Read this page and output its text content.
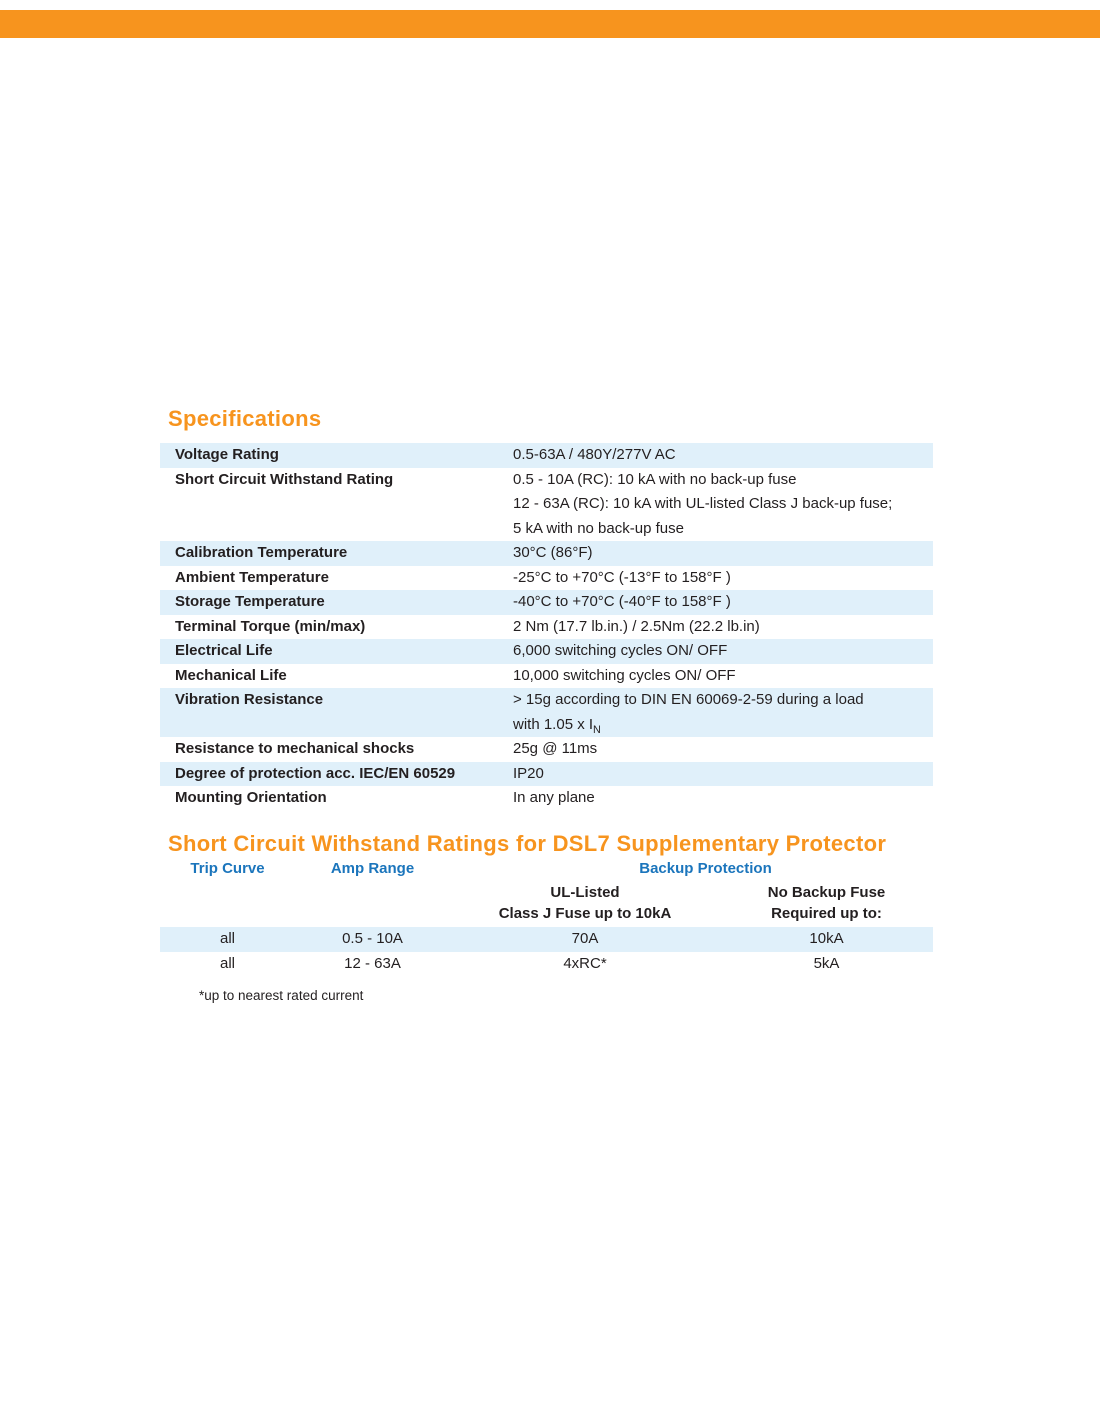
Specifications
Voltage Rating	0.5-63A / 480Y/277V AC
Short Circuit Withstand Rating	0.5 - 10A (RC): 10 kA with no back-up fuse
12 - 63A (RC): 10 kA with UL-listed Class J back-up fuse;
5 kA with no back-up fuse
Calibration Temperature	30°C (86°F)
Ambient Temperature	-25°C to +70°C (-13°F to 158°F )
Storage Temperature	-40°C to +70°C (-40°F to 158°F )
Terminal Torque (min/max)	2 Nm (17.7 lb.in.) / 2.5Nm (22.2 lb.in)
Electrical Life	6,000 switching cycles ON/ OFF
Mechanical Life	10,000 switching cycles ON/ OFF
Vibration Resistance	> 15g according to DIN EN 60069-2-59 during a load
with 1.05 x $I_N$
Resistance to mechanical shocks	25g @ 11ms
Degree of protection acc. IEC/EN 60529	IP20
Mounting Orientation	In any plane
Short Circuit Withstand Ratings for DSL7 Supplementary Protector
Trip Curve	Amp Range	Backup Protection
UL-Listed
Class J Fuse up to 10kA
No Backup Fuse
Required up to:
all	0.5 - 10A	70A	10kA
all	12 - 63A	4xRC*	5kA
*up to nearest rated current
